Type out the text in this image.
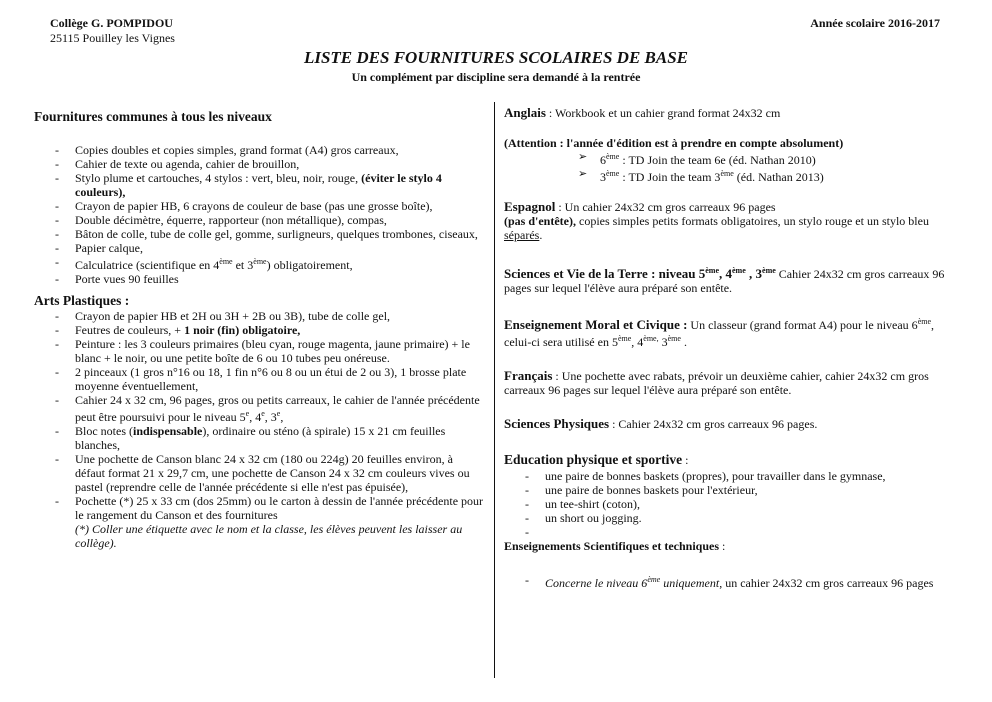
Collège G. POMPIDOU
25115 Pouilley les Vignes
Année scolaire 2016-2017
LISTE DES FOURNITURES SCOLAIRES DE BASE
Un complément par discipline sera demandé à la rentrée
Fournitures communes à tous les niveaux
- Copies doubles et copies simples, grand format (A4) gros carreaux,
- Cahier de texte ou agenda, cahier de brouillon,
- Stylo plume et cartouches, 4 stylos : vert, bleu, noir, rouge, (éviter le stylo 4 couleurs),
- Crayon de papier HB, 6 crayons de couleur de base (pas une grosse boîte),
- Double décimètre, équerre, rapporteur (non métallique), compas,
- Bâton de colle, tube de colle gel, gomme, surligneurs, quelques trombones, ciseaux,
- Papier calque,
- Calculatrice (scientifique en 4ème et 3ème) obligatoirement,
- Porte vues 90 feuilles
Arts Plastiques :
- Crayon de papier HB et 2H ou 3H + 2B ou 3B), tube de colle gel,
- Feutres de couleurs, + 1 noir (fin) obligatoire,
- Peinture : les 3 couleurs primaires (bleu cyan, rouge magenta, jaune primaire) + le blanc + le noir, ou une petite boîte de 6 ou 10 tubes peu onéreuse.
- 2 pinceaux (1 gros n°16 ou 18, 1 fin n°6 ou 8 ou un étui de 2 ou 3), 1 brosse plate moyenne éventuellement,
- Cahier 24 x 32 cm, 96 pages, gros ou petits carreaux, le cahier de l'année précédente peut être poursuivi pour le niveau 5e, 4e, 3e,
- Bloc notes (indispensable), ordinaire ou sténo (à spirale) 15 x 21 cm feuilles blanches,
- Une pochette de Canson blanc 24 x 32 cm (180 ou 224g) 20 feuilles environ, à défaut format 21 x 29,7 cm, une pochette de Canson 24 x 32 cm couleurs vives ou pastel (reprendre celle de l'année précédente si elle n'est pas épuisée),
- Pochette (*) 25 x 33 cm (dos 25mm) ou le carton à dessin de l'année précédente pour le rangement du Canson et des fournitures
(*) Coller une étiquette avec le nom et la classe, les élèves peuvent les laisser au collège).

Anglais : Workbook et un cahier grand format 24x32 cm

(Attention : l'année d'édition est à prendre en compte absolument)

➢ 6ème : TD Join the team 6e (éd. Nathan 2010)
➢ 3ème : TD Join the team 3ème (éd. Nathan 2013)

Espagnol : Un cahier 24x32 cm gros carreaux 96 pages
(pas d'entête), copies simples petits formats obligatoires, un stylo rouge et un stylo bleu séparés.

Sciences et Vie de la Terre : niveau 5ème, 4ème , 3ème Cahier 24x32 cm gros carreaux 96 pages sur lequel l'élève aura préparé son entête.

Enseignement Moral et Civique : Un classeur (grand format A4) pour le niveau 6ème, celui-ci sera utilisé en 5ème, $4^{ème,}$ 3ème .

Français : Une pochette avec rabats, prévoir un deuxième cahier, cahier 24x32 cm gros carreaux 96 pages sur lequel l'élève aura préparé son entête.

Sciences Physiques : Cahier 24x32 cm gros carreaux 96 pages.

Education physique et sportive :

- une paire de bonnes baskets (propres), pour travailler dans le gymnase,
- une paire de bonnes baskets pour l'extérieur,
- un tee-shirt (coton),
- un short ou jogging.
-

Enseignements Scientifiques et techniques :

- Concerne le niveau 6ème uniquement, un cahier 24x32 cm gros carreaux 96 pages
